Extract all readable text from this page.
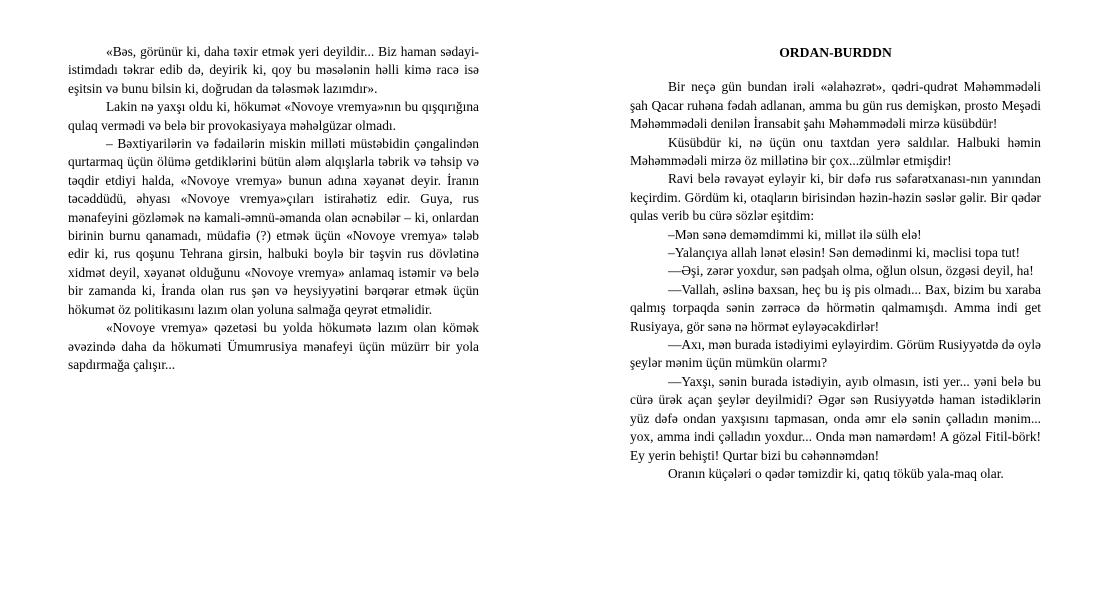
«Bəs, görünür ki, daha təxir etmək yeri deyildir... Biz haman sədayi-istimdadı təkrar edib də, deyirik ki, qoy bu məsələnin həlli kimə racə isə eşitsin və bunu bilsin ki, doğrudan da tələsmək lazımdır».

Lakin nə yaxşı oldu ki, hökumət «Novoye vremya»nın bu qışqırığına qulaq vermədi və belə bir provokasiyaya məhəlgüzar olmadı.

– Bəxtiyarilərin və fədailərin miskin milləti müstəbidin çəngalindən qurtarmaq üçün ölümə getdiklərini bütün aləm alqışlarla təbrik və təhsip və təqdir etdiyi halda, «Novoye vremya» bunun adına xəyanət deyir. İranın təcəddüdü, əhyası «Novoye vremya»çıları istirahətiz edir. Guya, rus mənafeyini gözləmək nə kamali-əmnü-əmanda olan əcnəbilər – ki, onlardan birinin burnu qanamadı, müdafiə (?) etmək üçün «Novoye vremya» tələb edir ki, rus qoşunu Tehrana girsin, halbuki boylə bir təşvin rus dövlətinə xidmət deyil, xəyanət olduğunu «Novoye vremya» anlamaq istəmir və belə bir zamanda ki, İranda olan rus şən və heysiyyətini bərqərar etmək üçün hökumət öz politikasını lazım olan yoluna salmağa qeyrət etməlidir.

«Novoye vremya» qəzetəsi bu yolda hökumətə lazım olan kömək əvəzində daha da hökuməti Ümumrusiya mənafeyi üçün müzürr bir yola sapdırmağa çalışır...

ORDAN-BURDDN

Bir neçə gün bundan irəli «əlahəzrət», qədri-qudrət Məhəmmədəli şah Qacar ruhəna fədah adlanan, amma bu gün rus demişkən, prosto Meşədi Məhəmmədəli denilən İransabit şahı Məhəmmədəli mirzə küsübdür!

Küsübdür ki, nə üçün onu taxtdan yerə saldılar. Halbuki həmin Məhəmmədəli mirzə öz millətinə bir çox...zülmlər etmişdir!

Ravi belə rəvayət eyləyir ki, bir dəfə rus səfarətxanası-nın yanından keçirdim. Gördüm ki, otaqların birisindən həzin-həzin səslər gəlir. Bir qədər qulas verib bu cürə sözlər eşitdim:

–Mən sənə deməmdimmi ki, millət ilə sülh elə!

–Yalançıya allah lənət eləsin! Sən demədinmi ki, məclisi topa tut!

—Əşi, zərər yoxdur, sən padşah olma, oğlun olsun, özgəsi deyil, ha!

—Vallah, əslinə baxsan, heç bu iş pis olmadı... Bax, bizim bu xaraba qalmış torpaqda sənin zərrəcə də hörmətin qalmamışdı. Amma indi get Rusiyaya, gör sənə nə hörmət eyləyəcəkdirlər!

—Axı, mən burada istədiyimi eyləyirdim. Görüm Rusiyyətdə də oylə şeylər mənim üçün mümkün olarmı?

—Yaxşı, sənin burada istədiyin, ayıb olmasın, isti yer... yəni belə bu cürə ürək açan şeylər deyilmidi? Əgər sən Rusiyyətdə haman istədiklərin yüz dəfə ondan yaxşısını tapmasan, onda əmr elə sənin çəlladın mənim... yox, amma indi çəlladın yoxdur... Onda mən namərdəm! A gözəl Fitil-börk! Ey yerin behişti! Qurtar bizi bu cəhənnəmdən!

Oranın küçələri o qədər təmizdir ki, qatıq töküb yala-maq olar.
